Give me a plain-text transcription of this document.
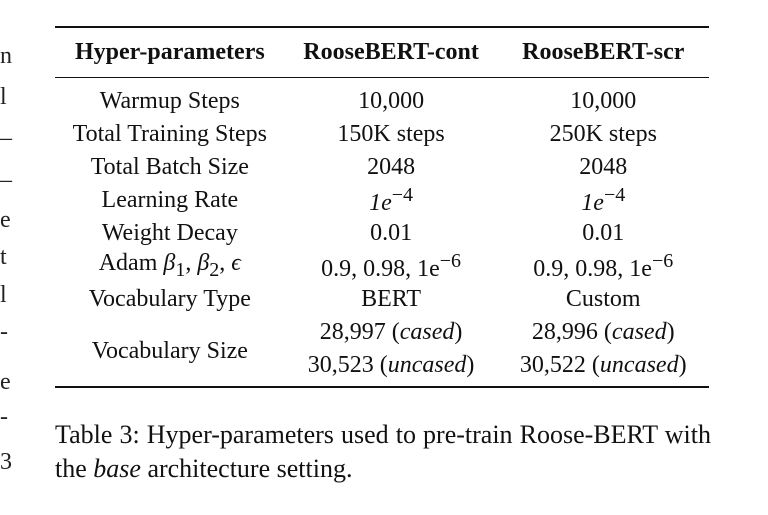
n
l
_
_
e
t
l
-
e
-
3
Hyper-parameters	RooseBERT-cont	RooseBERT-scr
Warmup Steps	10,000	10,000
Total Training Steps	150K steps	250K steps
Total Batch Size	2048	2048
Learning Rate	$1e^{-4}$	$1e^{-4}$
Weight Decay	0.01	0.01
Adam $\beta_1$, $\beta_2$, ϵ	0.9, 0.98, $1e^{-6}$	0.9, 0.98, $1e^{-6}$
Vocabulary Type	BERT	Custom
Vocabulary Size	28,997 (cased)	28,996 (cased)
	30,523 (uncased)	30,522 (uncased)
Table 3: Hyper-parameters used to pre-train Roose-BERT with the base architecture setting.
